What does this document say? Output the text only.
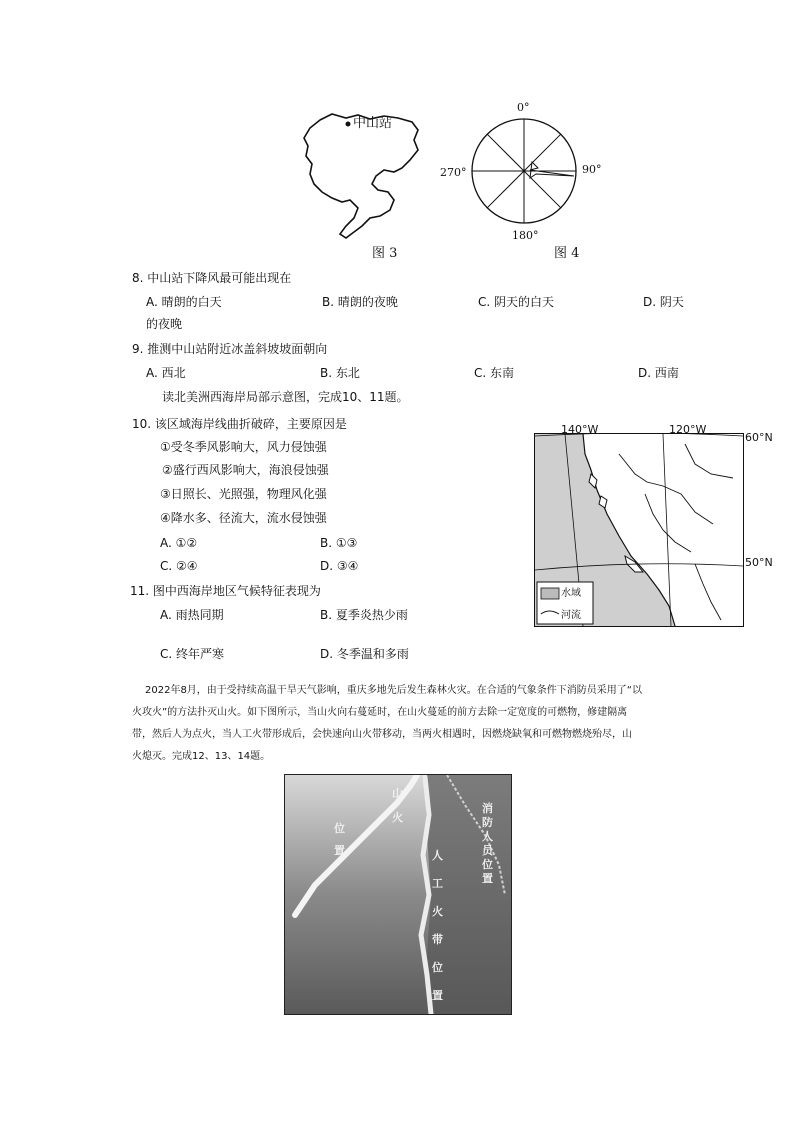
中山站
图 3
0°
90°
180°
270°
图 4
8. 中山站下降风最可能出现在
A. 晴朗的白天	B. 晴朗的夜晚	C. 阴天的白天	D. 阴天
的夜晚
9. 推测中山站附近冰盖斜坡坡面朝向
A. 西北	B. 东北	C. 东南	D. 西南
读北美洲西海岸局部示意图，完成10、11题。
10. 该区域海岸线曲折破碎，主要原因是
①受冬季风影响大，风力侵蚀强
②盛行西风影响大，海浪侵蚀强
③日照长、光照强，物理风化强
④降水多、径流大，流水侵蚀强
A. ①②	B. ①③
C. ②④	D. ③④
11. 图中西海岸地区气候特征表现为
A. 雨热同期	B. 夏季炎热少雨
C. 终年严寒	D. 冬季温和多雨
水域
河流
140°W	120°W
60°N
50°N
2022年8月，由于受持续高温干旱天气影响，重庆多地先后发生森林火灾。在合适的气象条件下消防员采用了“以
火攻火”的方法扑灭山火。如下图所示，当山火向右蔓延时，在山火蔓延的前方去除一定宽度的可燃物，修建隔离
带，然后人为点火，当人工火带形成后，会快速向山火带移动，当两火相遇时，因燃烧缺氧和可燃物燃烧殆尽，山
火熄灭。完成12、13、14题。
山火
位置
消防人员位置
人工火带位置
